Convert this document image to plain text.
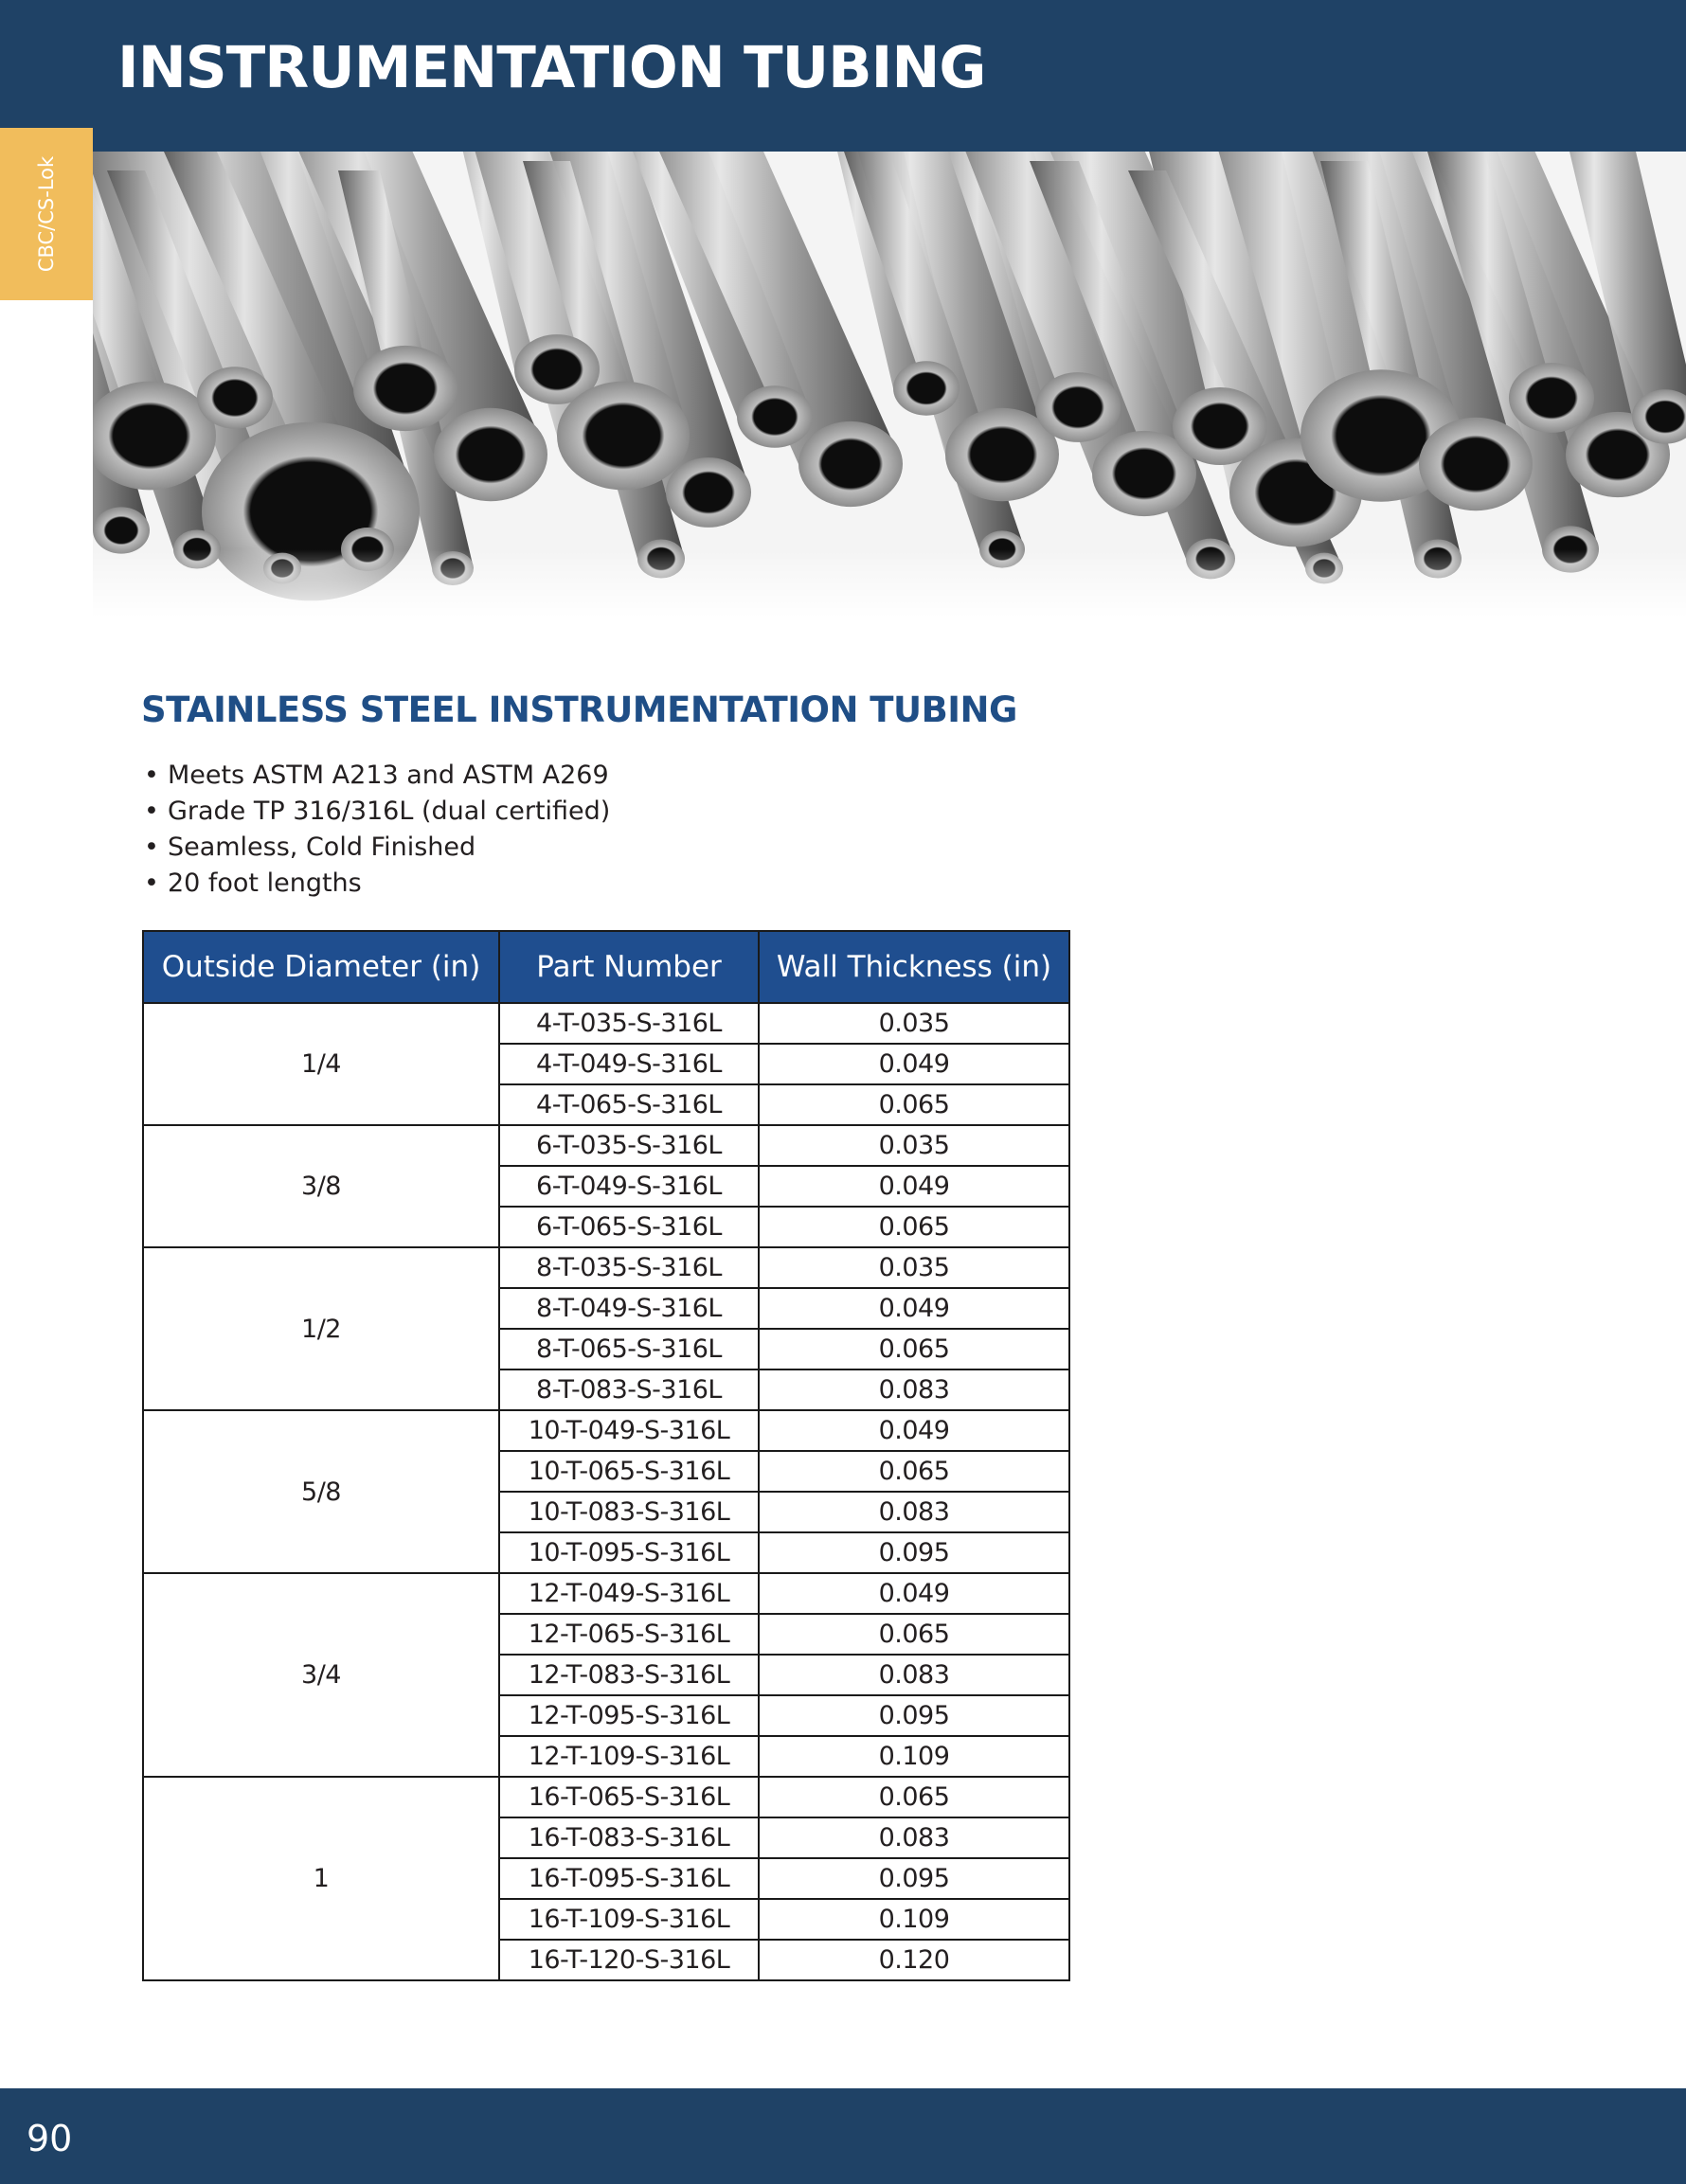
INSTRUMENTATION TUBING
CBC/CS-Lok
STAINLESS STEEL INSTRUMENTATION TUBING
• Meets ASTM A213 and ASTM A269
• Grade TP 316/316L (dual certified)
• Seamless, Cold Finished
• 20 foot lengths
Outside Diameter (in)	Part Number	Wall Thickness (in)
1/4	4-T-035-S-316L	0.035
	4-T-049-S-316L	0.049
	4-T-065-S-316L	0.065
3/8	6-T-035-S-316L	0.035
	6-T-049-S-316L	0.049
	6-T-065-S-316L	0.065
1/2	8-T-035-S-316L	0.035
	8-T-049-S-316L	0.049
	8-T-065-S-316L	0.065
	8-T-083-S-316L	0.083
5/8	10-T-049-S-316L	0.049
	10-T-065-S-316L	0.065
	10-T-083-S-316L	0.083
	10-T-095-S-316L	0.095
3/4	12-T-049-S-316L	0.049
	12-T-065-S-316L	0.065
	12-T-083-S-316L	0.083
	12-T-095-S-316L	0.095
	12-T-109-S-316L	0.109
1	16-T-065-S-316L	0.065
	16-T-083-S-316L	0.083
	16-T-095-S-316L	0.095
	16-T-109-S-316L	0.109
	16-T-120-S-316L	0.120
90
